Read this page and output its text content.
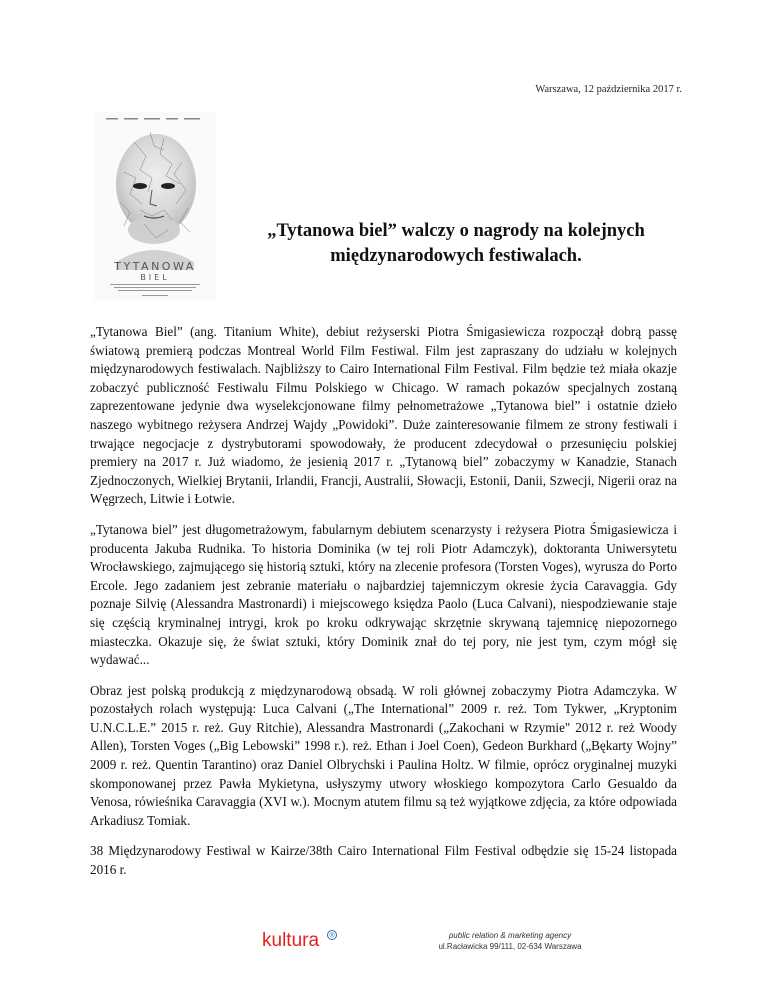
Warszawa, 12 października 2017 r.
TYTANOWA
BIEL
„Tytanowa biel” walczy o nagrody na kolejnych
międzynarodowych festiwalach.

„Tytanowa Biel” (ang. Titanium White), debiut reżyserski Piotra Śmigasiewicza rozpoczął dobrą passę światową premierą podczas Montreal World Film Festiwal. Film jest zapraszany do udziału w kolejnych międzynarodowych festiwalach. Najbliższy to Cairo International Film Festival. Film będzie też miała okazje zobaczyć publiczność Festiwalu Filmu Polskiego w Chicago. W ramach pokazów specjalnych zostaną zaprezentowane jedynie dwa wyselekcjonowane filmy pełnometrażowe „Tytanowa biel” i ostatnie dzieło naszego wybitnego reżysera Andrzej Wajdy „Powidoki”. Duże zainteresowanie filmem ze strony festiwali i trwające negocjacje z dystrybutorami spowodowały, że producent zdecydował o przesunięciu polskiej premiery na 2017 r. Już wiadomo, że jesienią 2017 r. „Tytanową biel” zobaczymy w Kanadzie, Stanach Zjednoczonych, Wielkiej Brytanii, Irlandii, Francji, Australii, Słowacji, Estonii, Danii, Szwecji, Nigerii oraz na Węgrzech, Litwie i Łotwie.

„Tytanowa biel” jest długometrażowym, fabularnym debiutem scenarzysty i reżysera Piotra Śmigasiewicza i producenta Jakuba Rudnika. To historia Dominika (w tej roli Piotr Adamczyk), doktoranta Uniwersytetu Wrocławskiego, zajmującego się historią sztuki, który na zlecenie profesora (Torsten Voges), wyrusza do Porto Ercole. Jego zadaniem jest zebranie materiału o najbardziej tajemniczym okresie życia Caravaggia. Gdy poznaje Silvię (Alessandra Mastronardi) i miejscowego księdza Paolo (Luca Calvani), niespodziewanie staje się częścią kryminalnej intrygi, krok po kroku odkrywając skrzętnie skrywaną tajemnicę niepozornego miasteczka. Okazuje się, że świat sztuki, który Dominik znał do tej pory, nie jest tym, czym mógł się wydawać...

Obraz jest polską produkcją z międzynarodową obsadą. W roli głównej zobaczymy Piotra Adamczyka. W pozostałych rolach występują: Luca Calvani („The International” 2009 r. reż. Tom Tykwer, „Kryptonim U.N.C.L.E.” 2015 r. reż. Guy Ritchie), Alessandra Mastronardi („Zakochani w Rzymie" 2012 r. reż Woody Allen), Torsten Voges („Big Lebowski” 1998 r.). reż. Ethan i Joel Coen), Gedeon Burkhard („Bękarty Wojny” 2009 r. reż. Quentin Tarantino) oraz Daniel Olbrychski i Paulina Holtz. W filmie, oprócz oryginalnej muzyki skomponowanej przez Pawła Mykietyna, usłyszymy utwory włoskiego kompozytora Carlo Gesualdo da Venosa, rówieśnika Caravaggia (XVI w.). Mocnym atutem filmu są też wyjątkowe zdjęcia, za które odpowiada Arkadiusz Tomiak.

38 Międzynarodowy Festiwal w Kairze/38th Cairo International Film Festival odbędzie się 15-24 listopada 2016 r.

kultura ®	public relation & marketing agency
ul.Racławicka 99/111, 02-634 Warszawa
